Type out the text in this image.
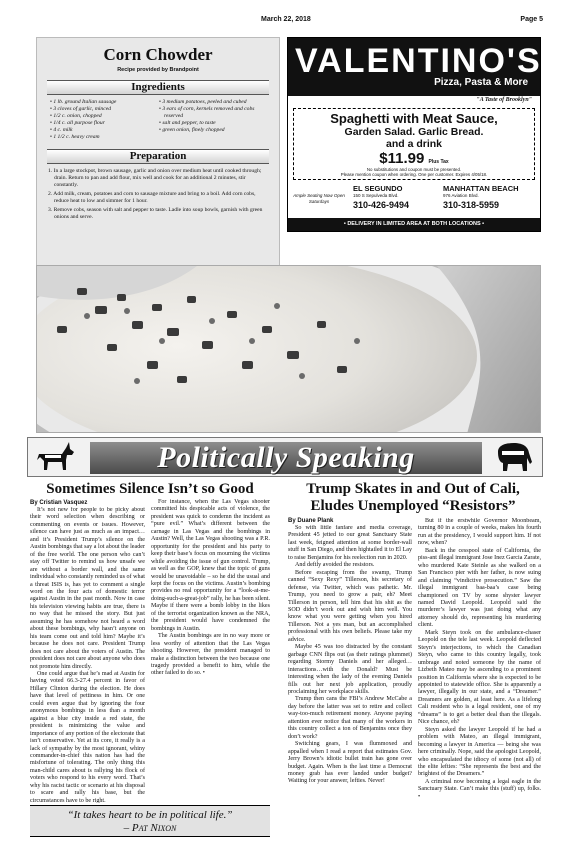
March 22, 2018	Page 5
Corn Chowder
Recipe provided by Brandpoint
Ingredients
• 1 lb. ground Italian sausage
• 3 cloves of garlic, minced
• 1/2 c. onion, chopped
• 1/4 c. all purpose flour
• 4 c. milk
• 1 1/2 c. heavy cream
• 3 medium potatoes, peeled and cubed
• 3 ears of corn, kernels removed and cobs reserved
• salt and pepper, to taste
• green onion, finely chopped
Preparation
1. In a large stockpot, brown sausage, garlic and onion over medium heat until cooked through; drain. Return to pan and add flour, mix well and cook for an additional 2 minutes, stir constantly.
2. Add milk, cream, potatoes and corn to sausage mixture and bring to a boil. Add corn cobs, reduce heat to low and simmer for 1 hour.
3. Remove cobs, season with salt and pepper to taste. Ladle into soup bowls, garnish with green onions and serve.
VALENTINO'S
Pizza, Pasta & More
"A Taste of Brooklyn"
Spaghetti with Meat Sauce,
Garden Salad. Garlic Bread.
and a drink
$11.99 Plus Tax
No substitutions and coupon must be presented.
Please mention coupon when ordering. One per customer. Expires 4/05/18.
Ample Seating Now Open Saturdays
EL SEGUNDO
150 S Sepulveda Blvd.
310-426-9494
MANHATTAN BEACH
976 Aviation Blvd.
310-318-5959
• DELIVERY IN LIMITED AREA AT BOTH LOCATIONS •
Politically Speaking
Sometimes Silence Isn’t so Good
By Cristian Vasquez

It’s not new for people to be picky about their word selection when describing or commenting on events or issues. However, silence can have just as much as an impact…and it’s President Trump’s silence on the Austin bombings that say a lot about the leader of the free world. The one person who can’t stay off Twitter to remind us how unsafe we are without a border wall, and the same individual who constantly reminded us of what a threat ISIS is, has yet to comment a single word on the four acts of domestic terror against Austin in the past month. Now in case his television viewing habits are true, there is no way that he missed the story. But just assuming he has somehow not heard a word about these bombings, why hasn’t anyone on his team come out and told him? Maybe it’s because he does not care. President Trump does not care about the voters of Austin. The president does not care about anyone who does not promote him directly.

One could argue that he’s mad at Austin for having voted 66.3-27.4 percent in favor of Hillary Clinton during the election. He does have that level of pettiness in him. Or one could even argue that by ignoring the four anonymous bombings in less than a month against a blue city inside a red state, the president is minimizing the value and importance of any portion of the electorate that isn’t conservative. Yet at its core, it really is a lack of sympathy by the most ignorant, whiny commander-in-chief this nation has had the misfortune of tolerating. The only thing this man-child cares about is rallying his flock of voters who respond to his every word. That’s why his racist tactic or scenario at his disposal to scare and rally his base, but the circumstances have to be right.

For instance, when the Las Vegas shooter committed his despicable acts of violence, the president was quick to condemn the incident as “pure evil.” What’s different between the carnage in Las Vegas and the bombings in Austin? Well, the Las Vegas shooting was a P.R. opportunity for the president and his party to keep their base’s focus on mourning the victims while avoiding the issue of gun control. Trump, as well as the GOP, knew that the topic of guns would be unavoidable – so he did the usual and kept the focus on the victims. Austin’s bombing provides no real opportunity for a “look-at-me-doing-such-a-great-job” rally, he has been silent. Maybe if there were a bomb lobby in the likes of the terrorist organization known as the NRA, the president would have condemned the bombings in Austin.

The Austin bombings are in no way more or less worthy of attention that the Las Vegas shooting. However, the president managed to make a distinction between the two because one tragedy provided a benefit to him, while the other failed to do so. •

“It takes heart to be in political life.”
– Pat Nixon
Trump Skates in and Out of Cali, Eludes Unemployed “Resistors”
By Duane Plank

So with little fanfare and media coverage, President 45 jetted to our great Sanctuary State last week, feigned attention at some border-wall stuff in San Diego, and then hightailed it to El Lay to raise Benjamins for his reelection run in 2020.

And deftly avoided the resistors.

Before escaping from the swamp, Trump canned “Sexy Rexy” Tillerson, his secretary of defense, via Twitter, which was pathetic. Mr. Trump, you need to grow a pair, eh? Meet Tillerson in person, tell him that his shit as the SOD didn’t work out and wish him well. You know what you were getting when you hired Tillerson. Not a yes man, but an accomplished professional with his own beliefs. Please take my advice.

Maybe 45 was too distracted by the constant garbage CNN flips out (as their ratings plummet) regarding Stormy Daniels and her alleged…interactions…with the Donald? Must be interesting when the lady of the evening Daniels fills out her next job application, proudly proclaiming her workplace skills.

Trump then cans the FBI’s Andrew McCabe a day before the latter was set to retire and collect way-too-much retirement money. Anyone paying attention ever notice that many of the workers in this country collect a ton of Benjamins once they don’t work?

Switching gears, I was flummoxed and appalled when I read a report that estimates Gov. Jerry Brown’s idiotic bullet train has gone over budget. Again. When is the last time a Democrat money grab has ever landed under budget? Waiting for your answer, lefties. Never!

But if the erstwhile Governor Moonbeam, turning 80 in a couple of weeks, makes his fourth run at the presidency, I would support him. If not now, when?

Back in the cesspool state of California, the piss-ant illegal immigrant Jose Inez Garcia Zarate, who murdered Kate Steinle as she walked on a San Francisco pier with her father, is now suing and claiming “vindictive prosecution.” Saw the illegal immigrant baa-baa’s case being championed on TV by some shyster lawyer named David Leopold. Leopold said the murderer’s lawyer was just doing what any attorney should do, representing his murdering client.

Mark Steyn took on the ambulance-chaser Leopold on the tele last week. Leopold deflected Steyn’s interjections, to which the Canadian Steyn, who came to this country legally, took umbrage and noted someone by the name of Lizbeth Mateo may be ascending to a prominent position in California where she is expected to be appointed to statewide office. She is apparently a lawyer, illegally in our state, and a “Dreamer.” Dreamers are golden, at least here. As a lifelong Cali resident who is a legal resident, one of my “dreams” is to get a better deal than the illegals. Nice chance, eh?

Steyn asked the lawyer Leopold if he had a problem with Mateo, an illegal immigrant, becoming a lawyer in America — being she was here criminally. Nope, said the apologist Leopold, who encapsulated the idiocy of some (not all) of the elite lefties: “She represents the best and the brightest of the Dreamers.”

A criminal now becoming a legal eagle in the Sanctuary State. Can’t make this (stuff) up, folks. •
